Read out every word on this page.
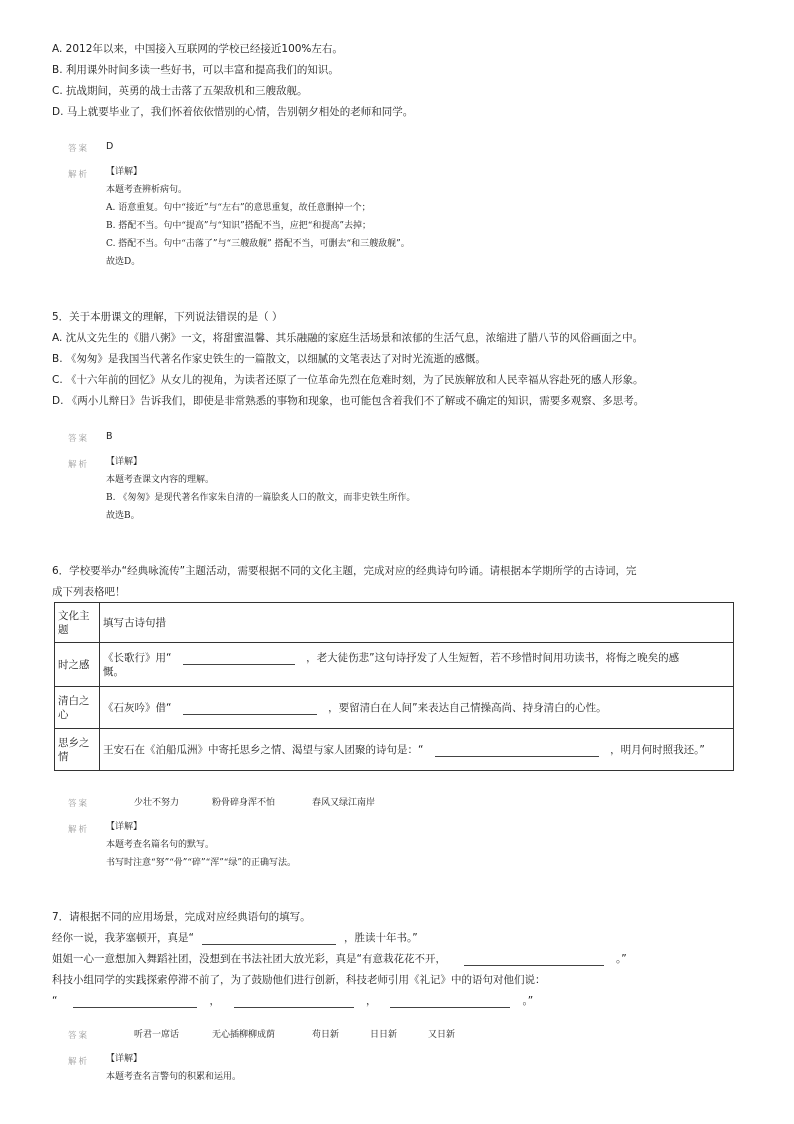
A. 2012年以来，中国接入互联网的学校已经接近100%左右。
B. 利用课外时间多读一些好书，可以丰富和提高我们的知识。
C. 抗战期间，英勇的战士击落了五架敌机和三艘敌舰。
D. 马上就要毕业了，我们怀着依依惜别的心情，告别朝夕相处的老师和同学。
答案 D
解析 【详解】
本题考查辨析病句。
A. 语意重复。句中“接近”与“左右”的意思重复，故任意删掉一个；
B. 搭配不当。句中“提高”与“知识”搭配不当，应把“和提高”去掉；
C. 搭配不当。句中“击落了”与“三艘敌舰” 搭配不当，可删去“和三艘敌舰”。
故选D。
5．关于本册课文的理解，下列说法错误的是（ ）
A. 沈从文先生的《腊八粥》一文，将甜蜜温馨、其乐融融的家庭生活场景和浓郁的生活气息，浓缩进了腊八节的风俗画面之中。
B. 《匆匆》是我国当代著名作家史铁生的一篇散文，以细腻的文笔表达了对时光流逝的感慨。
C. 《十六年前的回忆》从女儿的视角，为读者还原了一位革命先烈在危难时刻，为了民族解放和人民幸福从容赴死的感人形象。
D. 《两小儿辩日》告诉我们，即使是非常熟悉的事物和现象，也可能包含着我们不了解或不确定的知识，需要多观察、多思考。
答案 B
解析 【详解】
本题考查课文内容的理解。
B. 《匆匆》是现代著名作家朱自清的一篇脍炙人口的散文，而非史铁生所作。
故选B。
6．学校要举办“经典咏流传”主题活动，需要根据不同的文化主题，完成对应的经典诗句吟诵。请根据本学期所学的古诗词，完
成下列表格吧！
文化主题	填写古诗句措
时之感	《长歌行》用“ ，老大徒伤悲”这句诗抒发了人生短暂，若不珍惜时间用功读书，将悔之晚矣的感
慨。
清白之心	《石灰吟》借“ ，要留清白在人间”来表达自己情操高尚、持身清白的心性。
思乡之情	王安石在《泊船瓜洲》中寄托思乡之情、渴望与家人团聚的诗句是：“ ，明月何时照我还。”
答案	少壮不努力	粉骨碎身浑不怕	春风又绿江南岸
解析 【详解】
本题考查名篇名句的默写。
书写时注意“努”“骨”“碎”“浑”“绿”的正确写法。
7．请根据不同的应用场景，完成对应经典语句的填写。
经你一说，我茅塞顿开，真是“	，胜读十年书。”
姐姐一心一意想加入舞蹈社团，没想到在书法社团大放光彩，真是“有意栽花花不开，	。”
科技小组同学的实践探索停滞不前了，为了鼓励他们进行创新，科技老师引用《礼记》中的语句对他们说：
“	，	，	。”
答案	听君一席话	无心插柳柳成荫	苟日新	日日新	又日新
解析 【详解】
本题考查名言警句的积累和运用。
